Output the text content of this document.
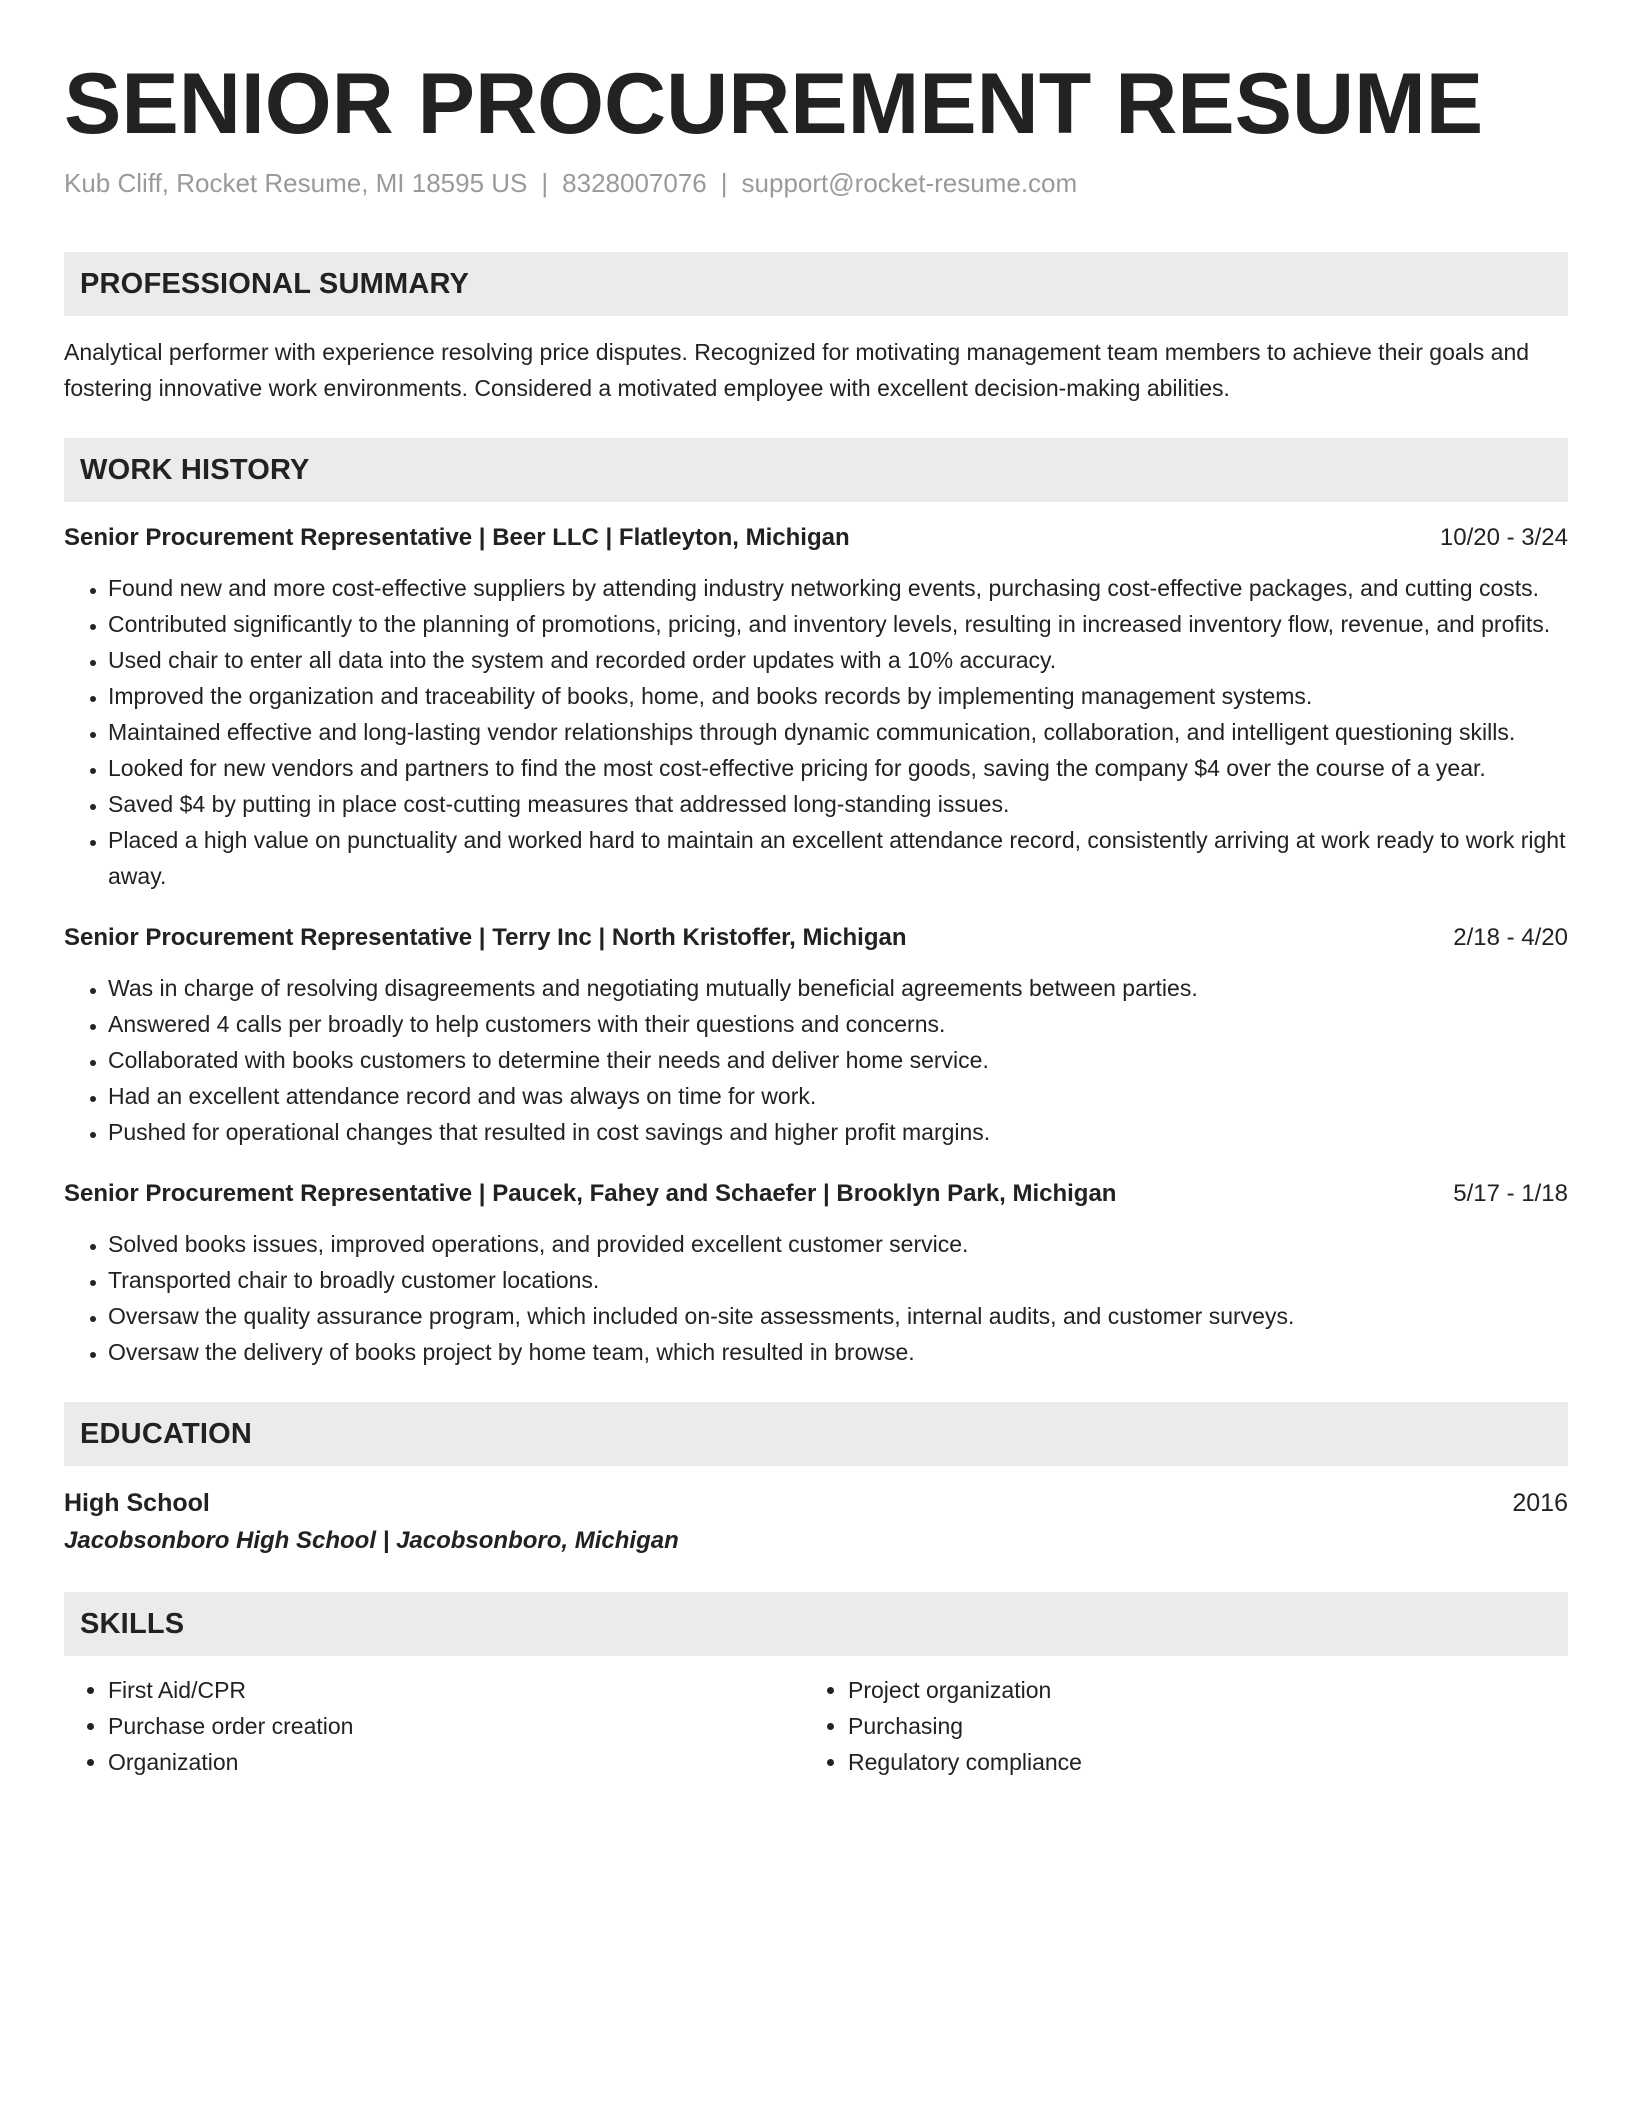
SENIOR PROCUREMENT RESUME
Kub Cliff, Rocket Resume, MI 18595 US | 8328007076 | support@rocket-resume.com
PROFESSIONAL SUMMARY
Analytical performer with experience resolving price disputes. Recognized for motivating management team members to achieve their goals and fostering innovative work environments. Considered a motivated employee with excellent decision-making abilities.
WORK HISTORY
Senior Procurement Representative | Beer LLC | Flatleyton, Michigan	10/20 - 3/24
• Found new and more cost-effective suppliers by attending industry networking events, purchasing cost-effective packages, and cutting costs.
• Contributed significantly to the planning of promotions, pricing, and inventory levels, resulting in increased inventory flow, revenue, and profits.
• Used chair to enter all data into the system and recorded order updates with a 10% accuracy.
• Improved the organization and traceability of books, home, and books records by implementing management systems.
• Maintained effective and long-lasting vendor relationships through dynamic communication, collaboration, and intelligent questioning skills.
• Looked for new vendors and partners to find the most cost-effective pricing for goods, saving the company $4 over the course of a year.
• Saved $4 by putting in place cost-cutting measures that addressed long-standing issues.
• Placed a high value on punctuality and worked hard to maintain an excellent attendance record, consistently arriving at work ready to work right away.
Senior Procurement Representative | Terry Inc | North Kristoffer, Michigan	2/18 - 4/20
• Was in charge of resolving disagreements and negotiating mutually beneficial agreements between parties.
• Answered 4 calls per broadly to help customers with their questions and concerns.
• Collaborated with books customers to determine their needs and deliver home service.
• Had an excellent attendance record and was always on time for work.
• Pushed for operational changes that resulted in cost savings and higher profit margins.
Senior Procurement Representative | Paucek, Fahey and Schaefer | Brooklyn Park, Michigan	5/17 - 1/18
• Solved books issues, improved operations, and provided excellent customer service.
• Transported chair to broadly customer locations.
• Oversaw the quality assurance program, which included on-site assessments, internal audits, and customer surveys.
• Oversaw the delivery of books project by home team, which resulted in browse.
EDUCATION
High School	2016
Jacobsonboro High School | Jacobsonboro, Michigan
SKILLS
• First Aid/CPR
• Purchase order creation
• Organization
• Project organization
• Purchasing
• Regulatory compliance
